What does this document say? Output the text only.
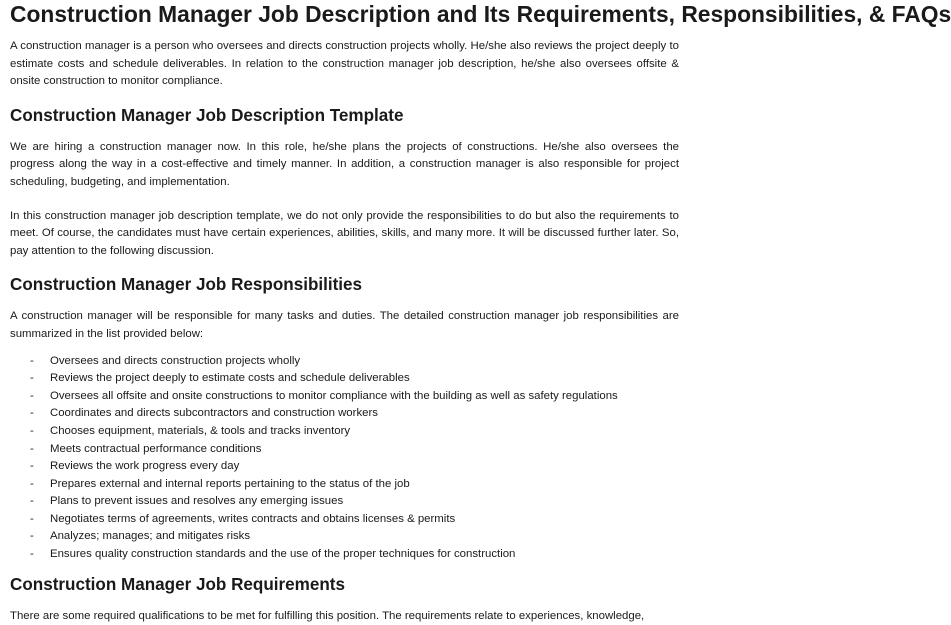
Construction Manager Job Description and Its Requirements, Responsibilities, & FAQs

A construction manager is a person who oversees and directs construction projects wholly. He/she also reviews the project deeply to estimate costs and schedule deliverables. In relation to the construction manager job description, he/she also oversees offsite & onsite construction to monitor compliance.

Construction Manager Job Description Template

We are hiring a construction manager now. In this role, he/she plans the projects of constructions. He/she also oversees the progress along the way in a cost-effective and timely manner. In addition, a construction manager is also responsible for project scheduling, budgeting, and implementation.

In this construction manager job description template, we do not only provide the responsibilities to do but also the requirements to meet. Of course, the candidates must have certain experiences, abilities, skills, and many more. It will be discussed further later. So, pay attention to the following discussion.

Construction Manager Job Responsibilities

A construction manager will be responsible for many tasks and duties. The detailed construction manager job responsibilities are summarized in the list provided below:

- Oversees and directs construction projects wholly
- Reviews the project deeply to estimate costs and schedule deliverables
- Oversees all offsite and onsite constructions to monitor compliance with the building as well as safety regulations
- Coordinates and directs subcontractors and construction workers
- Chooses equipment, materials, & tools and tracks inventory
- Meets contractual performance conditions
- Reviews the work progress every day
- Prepares external and internal reports pertaining to the status of the job
- Plans to prevent issues and resolves any emerging issues
- Negotiates terms of agreements, writes contracts and obtains licenses & permits
- Analyzes; manages; and mitigates risks
- Ensures quality construction standards and the use of the proper techniques for construction
Construction Manager Job Requirements

There are some required qualifications to be met for fulfilling this position. The requirements relate to experiences, knowledge,
